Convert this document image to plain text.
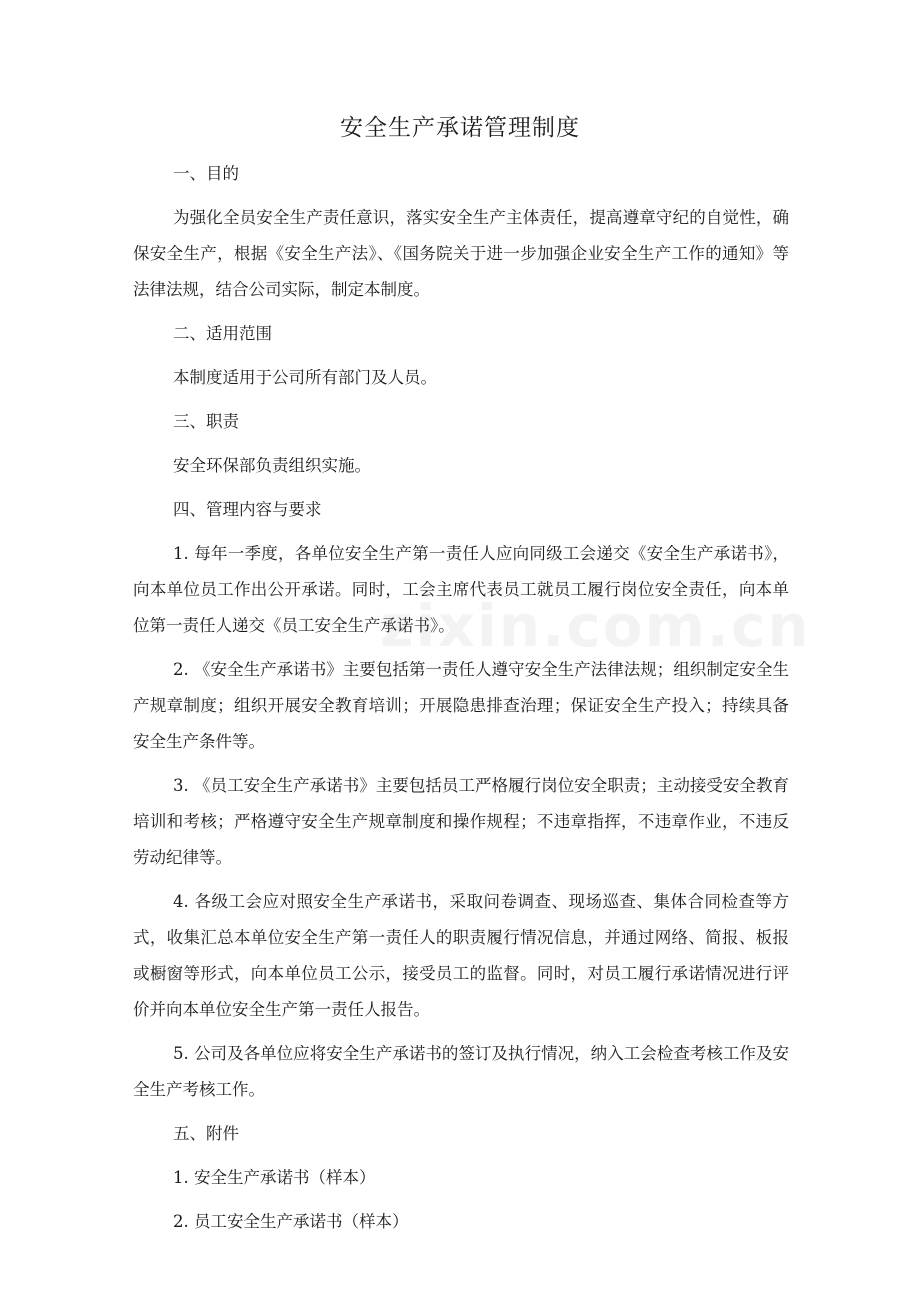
安全生产承诺管理制度
一、目的
为强化全员安全生产责任意识，落实安全生产主体责任，提高遵章守纪的自觉性，确保安全生产，根据《安全生产法》、《国务院关于进一步加强企业安全生产工作的通知》等法律法规，结合公司实际，制定本制度。
二、适用范围
本制度适用于公司所有部门及人员。
三、职责
安全环保部负责组织实施。
四、管理内容与要求
1. 每年一季度，各单位安全生产第一责任人应向同级工会递交《安全生产承诺书》，向本单位员工作出公开承诺。同时，工会主席代表员工就员工履行岗位安全责任，向本单位第一责任人递交《员工安全生产承诺书》。
2. 《安全生产承诺书》主要包括第一责任人遵守安全生产法律法规；组织制定安全生产规章制度；组织开展安全教育培训；开展隐患排查治理；保证安全生产投入；持续具备安全生产条件等。
3. 《员工安全生产承诺书》主要包括员工严格履行岗位安全职责；主动接受安全教育培训和考核；严格遵守安全生产规章制度和操作规程；不违章指挥，不违章作业，不违反劳动纪律等。
4. 各级工会应对照安全生产承诺书，采取问卷调查、现场巡查、集体合同检查等方式，收集汇总本单位安全生产第一责任人的职责履行情况信息，并通过网络、简报、板报或橱窗等形式，向本单位员工公示，接受员工的监督。同时，对员工履行承诺情况进行评价并向本单位安全生产第一责任人报告。
5. 公司及各单位应将安全生产承诺书的签订及执行情况，纳入工会检查考核工作及安全生产考核工作。
五、附件
1. 安全生产承诺书（样本）
2. 员工安全生产承诺书（样本）
zixin.com.cn
